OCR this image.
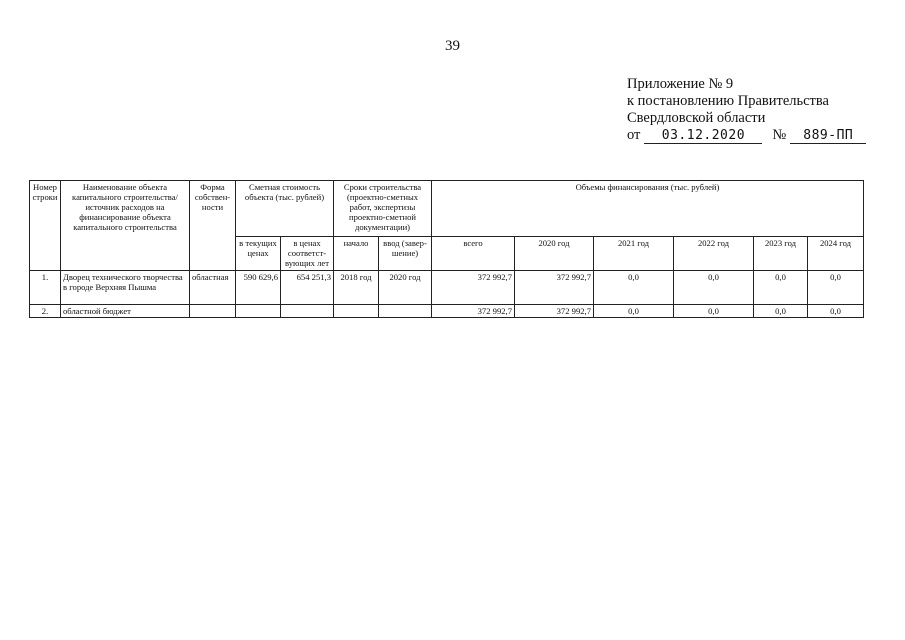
39
Приложение № 9
к постановлению Правительства
Свердловской области
от	03.12.2020	№	889-ПП
Номер строки	Наименование объекта капитального строительства/ источник расходов на финансирование объекта капитального строительства	Форма собствен-ности	Сметная стоимость объекта (тыс. рублей)		Сроки строительства (проектно-сметных работ, экспертизы проектно-сметной документации)		Объемы финансирования (тыс. рублей)					
			в текущих ценах	в ценах соответст-вующих лет	начало	ввод (завер-шение)	всего	2020 год	2021 год	2022 год	2023 год	2024 год
1.	Дворец технического творчества в городе Верхняя Пышма	областная	590 629,6	654 251,3	2018 год	2020 год	372 992,7	372 992,7	0,0	0,0	0,0	0,0
2.	областной бюджет						372 992,7	372 992,7	0,0	0,0	0,0	0,0
